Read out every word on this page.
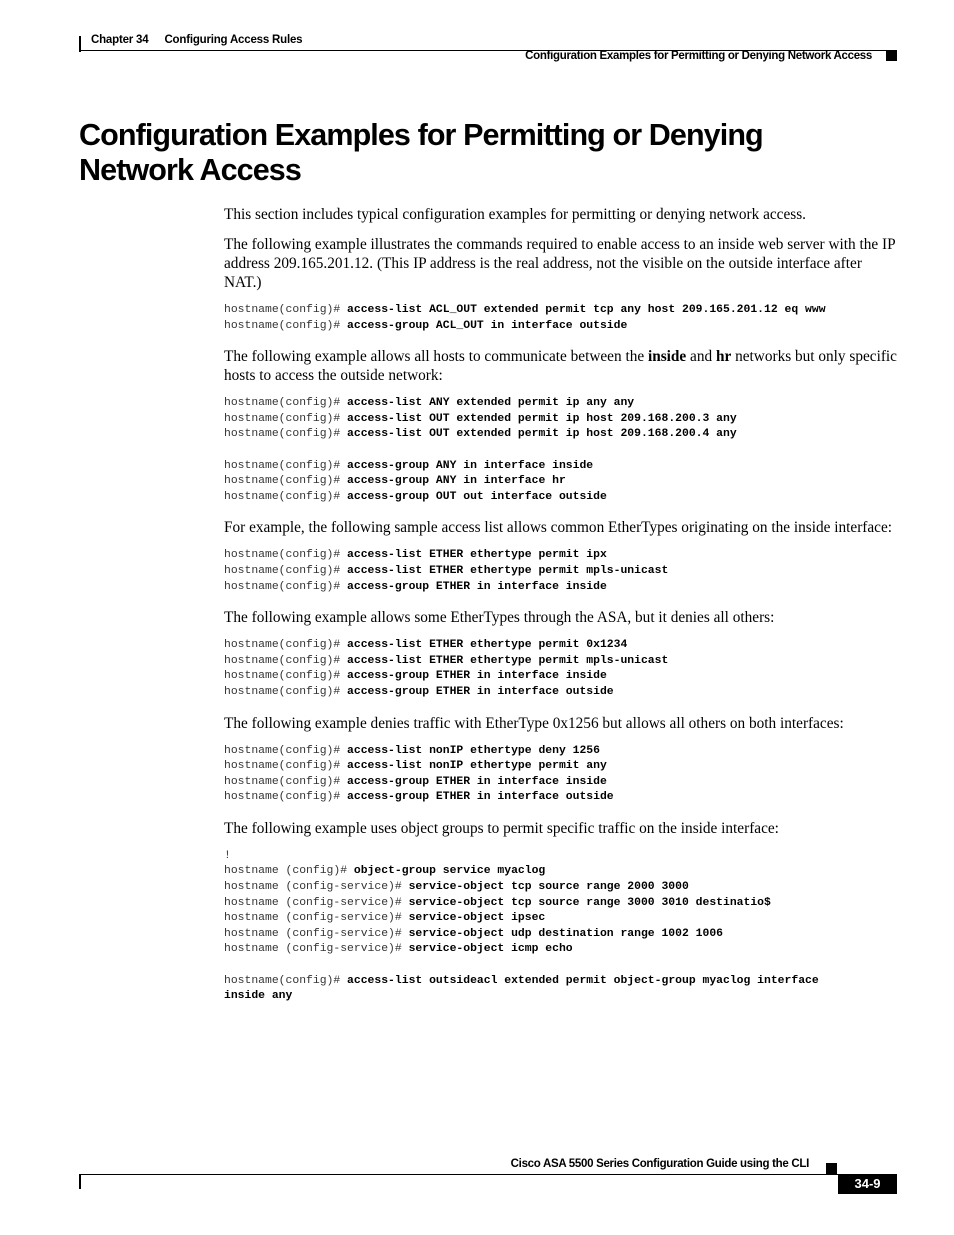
Chapter 34 Configuring Access Rules
Configuration Examples for Permitting or Denying Network Access
Configuration Examples for Permitting or Denying Network Access

This section includes typical configuration examples for permitting or denying network access.

The following example illustrates the commands required to enable access to an inside web server with the IP address 209.165.201.12. (This IP address is the real address, not the visible on the outside interface after NAT.)

hostname(config)# access-list ACL_OUT extended permit tcp any host 209.165.201.12 eq www
hostname(config)# access-group ACL_OUT in interface outside

The following example allows all hosts to communicate between the inside and hr networks but only specific hosts to access the outside network:

hostname(config)# access-list ANY extended permit ip any any
hostname(config)# access-list OUT extended permit ip host 209.168.200.3 any
hostname(config)# access-list OUT extended permit ip host 209.168.200.4 any
hostname(config)# access-group ANY in interface inside
hostname(config)# access-group ANY in interface hr
hostname(config)# access-group OUT out interface outside

For example, the following sample access list allows common EtherTypes originating on the inside interface:

hostname(config)# access-list ETHER ethertype permit ipx
hostname(config)# access-list ETHER ethertype permit mpls-unicast
hostname(config)# access-group ETHER in interface inside

The following example allows some EtherTypes through the ASA, but it denies all others:

hostname(config)# access-list ETHER ethertype permit 0x1234
hostname(config)# access-list ETHER ethertype permit mpls-unicast
hostname(config)# access-group ETHER in interface inside
hostname(config)# access-group ETHER in interface outside

The following example denies traffic with EtherType 0x1256 but allows all others on both interfaces:

hostname(config)# access-list nonIP ethertype deny 1256
hostname(config)# access-list nonIP ethertype permit any
hostname(config)# access-group ETHER in interface inside
hostname(config)# access-group ETHER in interface outside

The following example uses object groups to permit specific traffic on the inside interface:

!
hostname (config)# object-group service myaclog
hostname (config-service)# service-object tcp source range 2000 3000
hostname (config-service)# service-object tcp source range 3000 3010 destinatio$
hostname (config-service)# service-object ipsec
hostname (config-service)# service-object udp destination range 1002 1006
hostname (config-service)# service-object icmp echo
hostname(config)# access-list outsideacl extended permit object-group myaclog interface
inside any
Cisco ASA 5500 Series Configuration Guide using the CLI
34-9
